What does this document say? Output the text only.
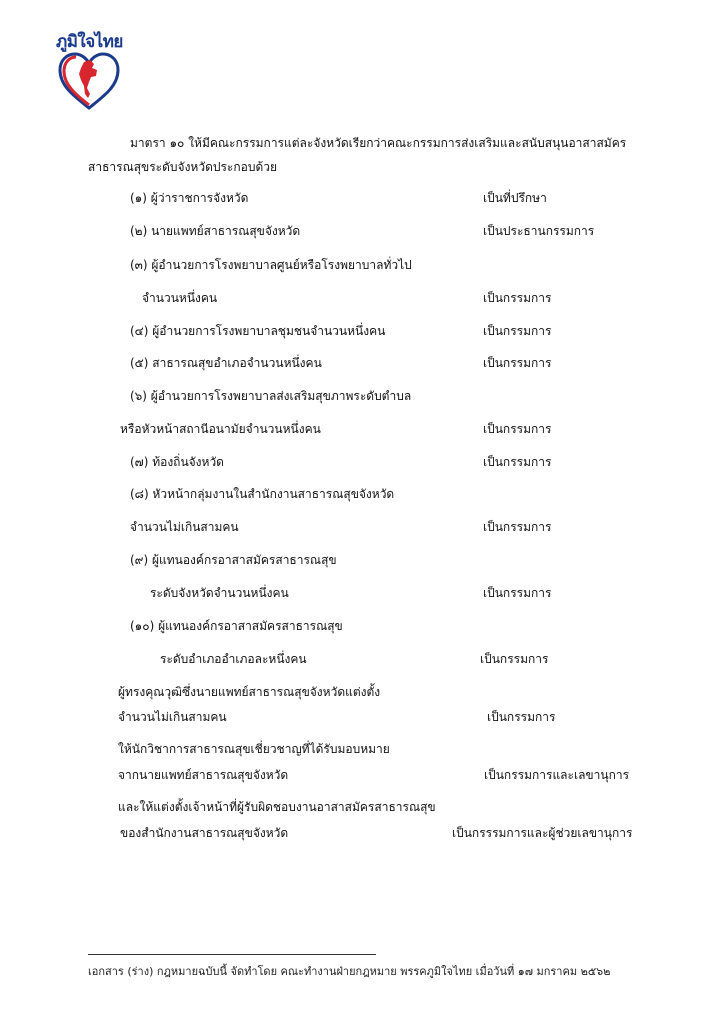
ภูมิใจไทย
มาตรา ๑๐ ให้มีคณะกรรมการแต่ละจังหวัดเรียกว่าคณะกรรมการส่งเสริมและสนับสนุนอาสาสมัคร
สาธารณสุขระดับจังหวัดประกอบด้วย
(๑) ผู้ว่าราชการจังหวัด	เป็นที่ปรึกษา
(๒) นายแพทย์สาธารณสุขจังหวัด	เป็นประธานกรรมการ
(๓) ผู้อำนวยการโรงพยาบาลศูนย์หรือโรงพยาบาลทั่วไป
จำนวนหนึ่งคน	เป็นกรรมการ
(๔) ผู้อำนวยการโรงพยาบาลชุมชนจำนวนหนึ่งคน	เป็นกรรมการ
(๕) สาธารณสุขอำเภอจำนวนหนึ่งคน	เป็นกรรมการ
(๖) ผู้อำนวยการโรงพยาบาลส่งเสริมสุขภาพระดับตำบล
หรือหัวหน้าสถานีอนามัยจำนวนหนึ่งคน	เป็นกรรมการ
(๗) ท้องถิ่นจังหวัด	เป็นกรรมการ
(๘) หัวหน้ากลุ่มงานในสำนักงานสาธารณสุขจังหวัด
จำนวนไม่เกินสามคน	เป็นกรรมการ
(๙) ผู้แทนองค์กรอาสาสมัครสาธารณสุข
ระดับจังหวัดจำนวนหนึ่งคน	เป็นกรรมการ
(๑๐) ผู้แทนองค์กรอาสาสมัครสาธารณสุข
ระดับอำเภออำเภอละหนึ่งคน	เป็นกรรมการ
ผู้ทรงคุณวุฒิซึ่งนายแพทย์สาธารณสุขจังหวัดแต่งตั้ง
จำนวนไม่เกินสามคน	เป็นกรรมการ
ให้นักวิชาการสาธารณสุขเชี่ยวชาญที่ได้รับมอบหมาย
จากนายแพทย์สาธารณสุขจังหวัด	เป็นกรรมการและเลขานุการ
และให้แต่งตั้งเจ้าหน้าที่ผู้รับผิดชอบงานอาสาสมัครสาธารณสุข
ของสำนักงานสาธารณสุขจังหวัด	เป็นกรรรมการและผู้ช่วยเลขานุการ
เอกสาร (ร่าง) กฎหมายฉบับนี้ จัดทำโดย คณะทำงานฝ่ายกฎหมาย พรรคภูมิใจไทย เมื่อวันที่ ๑๗ มกราคม ๒๕๖๒
